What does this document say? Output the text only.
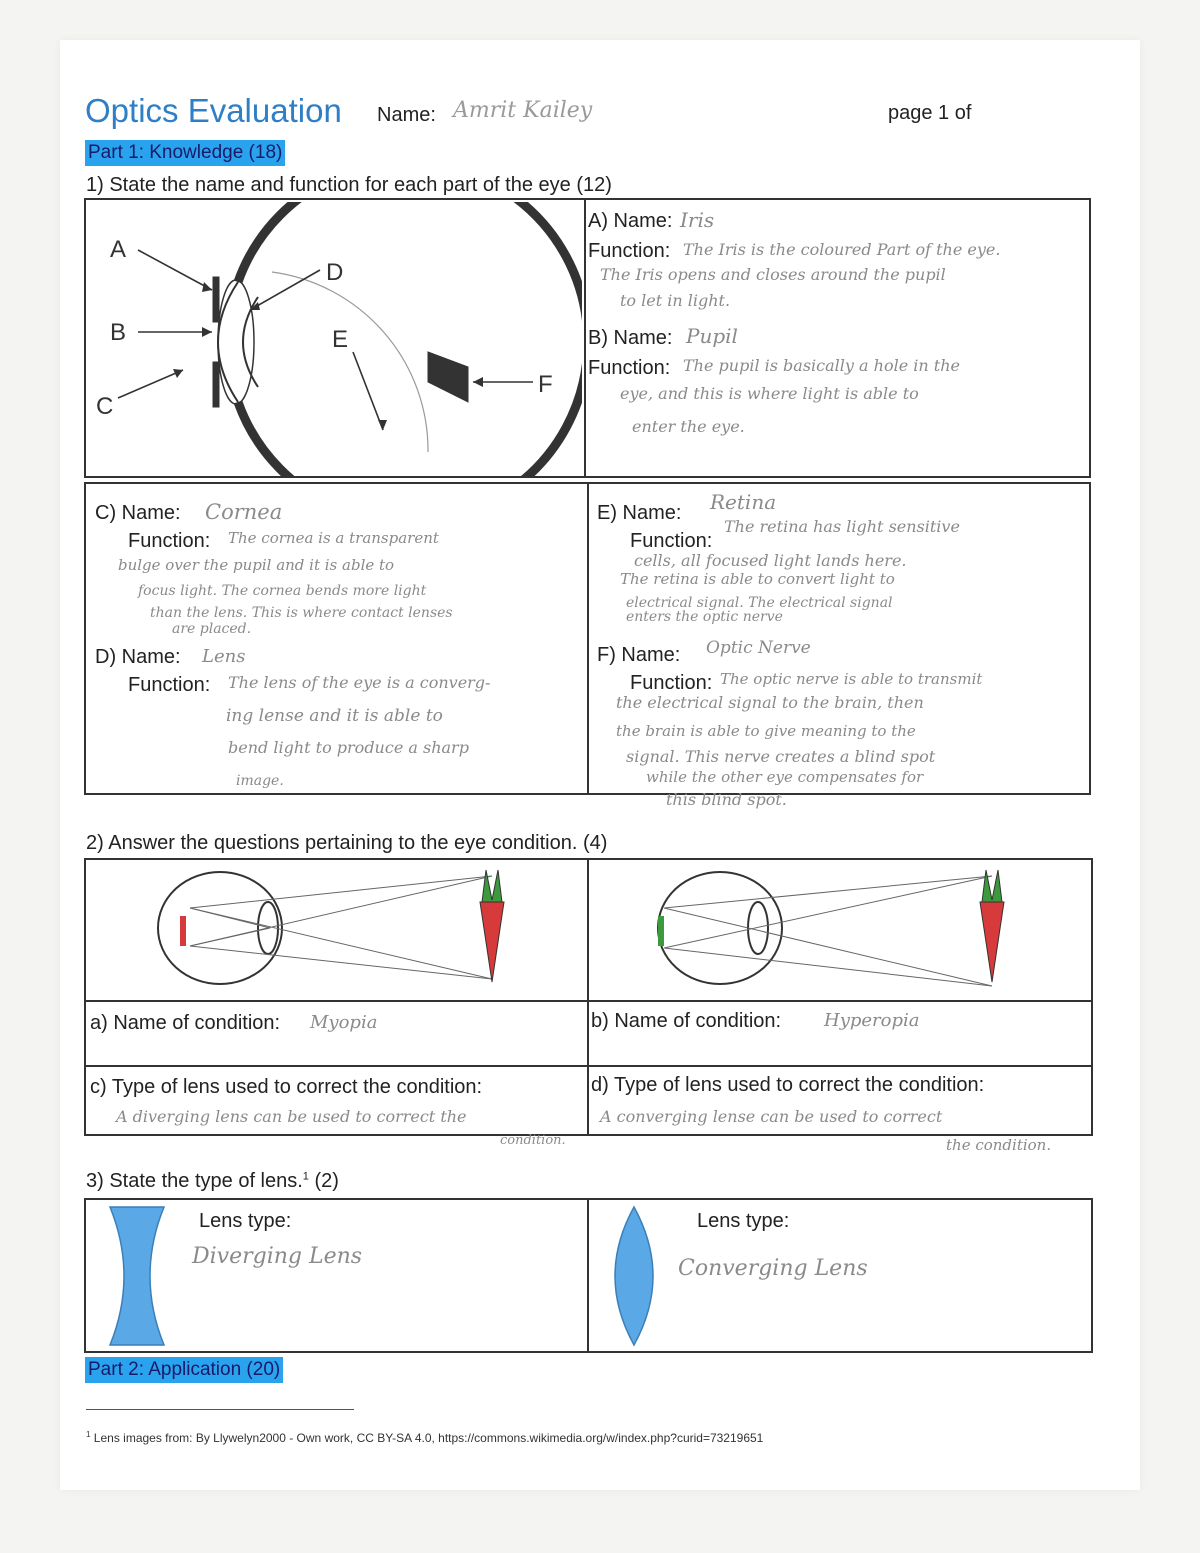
Optics Evaluation Name: Amrit Kailey	page 1 of
Part 1: Knowledge (18)
1) State the name and function for each part of the eye (12)
A
B
C
D
E
F
A) Name: Iris
Function: The Iris is the coloured Part of the eye.
The Iris opens and closes around the pupil
to let in light.
B) Name: Pupil
Function: The pupil is basically a hole in the
eye, and this is where light is able to
enter the eye.
C) Name: Cornea
Function: The cornea is a transparent
bulge over the pupil and it is able to
focus light. The cornea bends more light
than the lens. This is where contact lenses
are placed.
D) Name: Lens
Function: The lens of the eye is a converg-
ing lense and it is able to
bend light to produce a sharp
image.
E) Name: Retina
Function:
The retina has light sensitive
cells, all focused light lands here.
The retina is able to convert light to
electrical signal. The electrical signal
enters the optic nerve
F) Name: Optic Nerve
Function: The optic nerve is able to transmit
the electrical signal to the brain, then
the brain is able to give meaning to the
signal. This nerve creates a blind spot
while the other eye compensates for
this blind spot.
2) Answer the questions pertaining to the eye condition. (4)
a) Name of condition: Myopia	b) Name of condition: Hyperopia
c) Type of lens used to correct the condition:
A diverging lens can be used to correct the
condition.
d) Type of lens used to correct the condition:
A converging lense can be used to correct
the condition.
3) State the type of lens.$^1$ (2)
Lens type:
Diverging Lens
Lens type:
Converging Lens
Part 2: Application (20)
$^1$ Lens images from: By Llywelyn2000 - Own work, CC BY-SA 4.0, https://commons.wikimedia.org/w/index.php?curid=73219651
